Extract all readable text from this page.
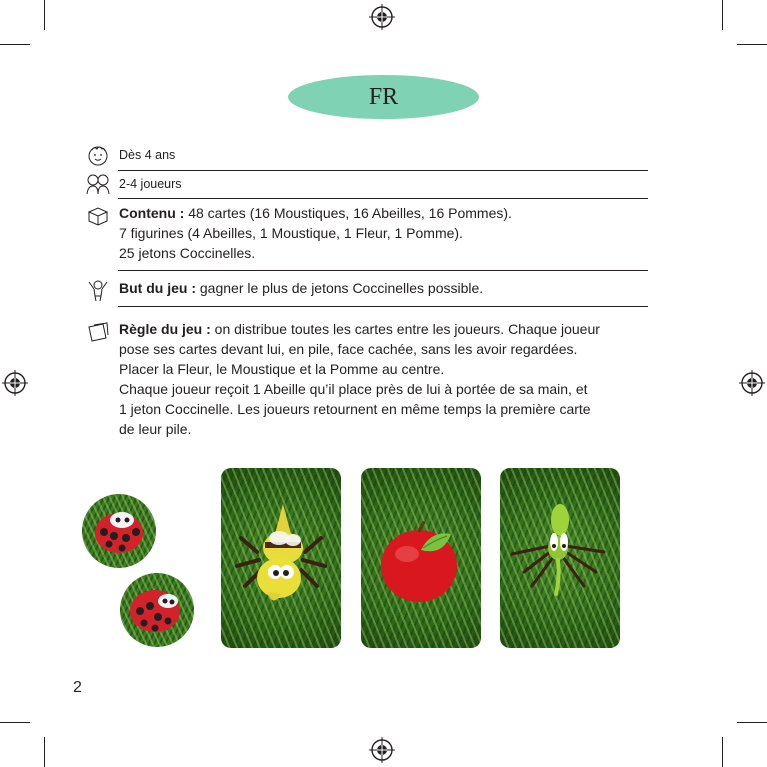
FR
Dès 4 ans
2-4 joueurs
Contenu : 48 cartes (16 Moustiques, 16 Abeilles, 16 Pommes).
7 figurines (4 Abeilles, 1 Moustique, 1 Fleur, 1 Pomme).
25 jetons Coccinelles.
But du jeu : gagner le plus de jetons Coccinelles possible.
Règle du jeu : on distribue toutes les cartes entre les joueurs. Chaque joueur
pose ses cartes devant lui, en pile, face cachée, sans les avoir regardées.
Placer la Fleur, le Moustique et la Pomme au centre.
Chaque joueur reçoit 1 Abeille qu’il place près de lui à portée de sa main, et
1 jeton Coccinelle. Les joueurs retournent en même temps la première carte
de leur pile.
2
